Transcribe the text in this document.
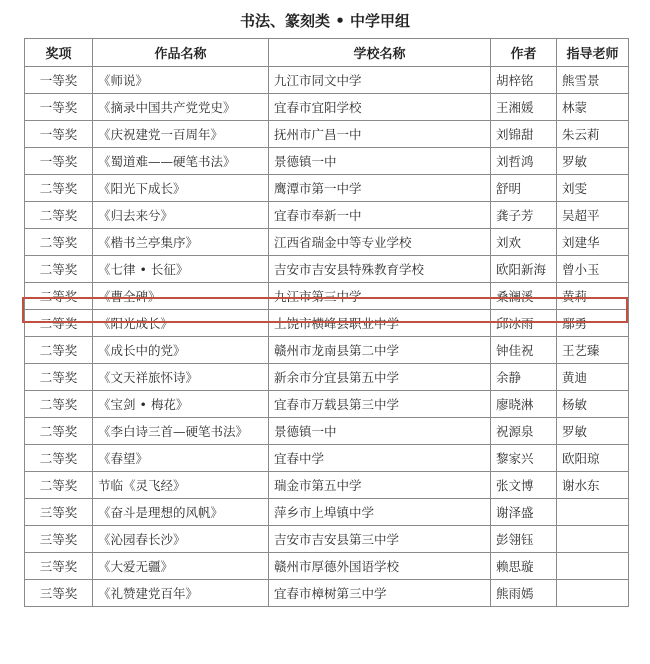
书法、篆刻类 • 中学甲组
奖项	作品名称	学校名称	作者	指导老师
一等奖	《师说》	九江市同文中学	胡梓铭	熊雪景
一等奖	《摘录中国共产党党史》	宜春市宜阳学校	王湘媛	林蒙
一等奖	《庆祝建党一百周年》	抚州市广昌一中	刘锦甜	朱云莉
一等奖	《蜀道难——硬笔书法》	景德镇一中	刘哲鸿	罗敏
二等奖	《阳光下成长》	鹰潭市第一中学	舒明	刘雯
二等奖	《归去来兮》	宜春市奉新一中	龚子芳	吴超平
二等奖	《楷书兰亭集序》	江西省瑞金中等专业学校	刘欢	刘建华
二等奖	《七律 • 长征》	吉安市吉安县特殊教育学校	欧阳新海	曾小玉
二等奖	《曹全碑》	九江市第三中学	桑澜溪	黄莉
二等奖	《阳光成长》	上饶市横峰县职业中学	邱冰雨	鄢勇
二等奖	《成长中的党》	赣州市龙南县第二中学	钟佳祝	王艺臻
二等奖	《文天祥旅怀诗》	新余市分宜县第五中学	余静	黄迪
二等奖	《宝剑 • 梅花》	宜春市万载县第三中学	廖晓淋	杨敏
二等奖	《李白诗三首—硬笔书法》	景德镇一中	祝源泉	罗敏
二等奖	《春望》	宜春中学	黎家兴	欧阳琼
二等奖	节临《灵飞经》	瑞金市第五中学	张文博	谢水东
三等奖	《奋斗是理想的风帆》	萍乡市上埠镇中学	谢泽盛	
三等奖	《沁园春长沙》	吉安市吉安县第三中学	彭翎钰	
三等奖	《大爱无疆》	赣州市厚德外国语学校	赖思璇	
三等奖	《礼赞建党百年》	宜春市樟树第三中学	熊雨嫣	
